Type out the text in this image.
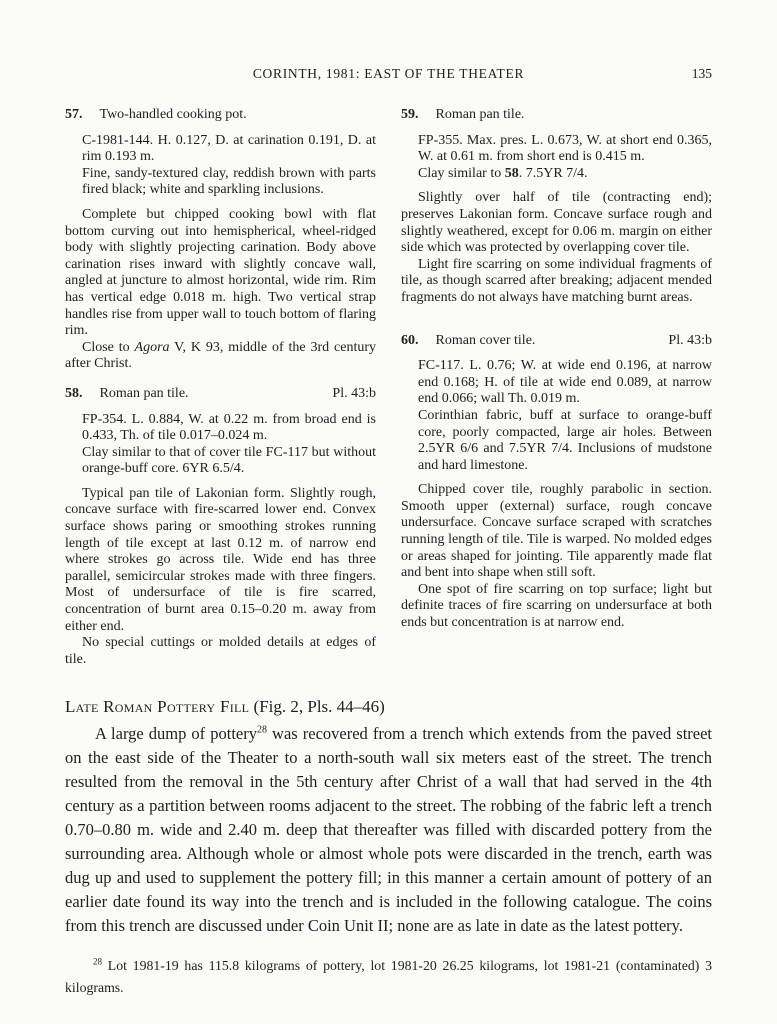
CORINTH, 1981: EAST OF THE THEATER	135
57. Two-handled cooking pot.

C-1981-144. H. 0.127, D. at carination 0.191, D. at rim 0.193 m.

Fine, sandy-textured clay, reddish brown with parts fired black; white and sparkling inclusions.

Complete but chipped cooking bowl with flat bottom curving out into hemispherical, wheel-ridged body with slightly projecting carination. Body above carination rises inward with slightly concave wall, angled at juncture to almost horizontal, wide rim. Rim has vertical edge 0.018 m. high. Two vertical strap handles rise from upper wall to touch bottom of flaring rim.

Close to Agora V, K 93, middle of the 3rd century after Christ.

58. Roman pan tile.	Pl. 43:b

FP-354. L. 0.884, W. at 0.22 m. from broad end is 0.433, Th. of tile 0.017–0.024 m.

Clay similar to that of cover tile FC-117 but without orange-buff core. 6YR 6.5/4.

Typical pan tile of Lakonian form. Slightly rough, concave surface with fire-scarred lower end. Convex surface shows paring or smoothing strokes running length of tile except at last 0.12 m. of narrow end where strokes go across tile. Wide end has three parallel, semicircular strokes made with three fingers. Most of undersurface of tile is fire scarred, concentration of burnt area 0.15–0.20 m. away from either end.

No special cuttings or molded details at edges of tile.

59. Roman pan tile.

FP-355. Max. pres. L. 0.673, W. at short end 0.365, W. at 0.61 m. from short end is 0.415 m.

Clay similar to 58. 7.5YR 7/4.

Slightly over half of tile (contracting end); preserves Lakonian form. Concave surface rough and slightly weathered, except for 0.06 m. margin on either side which was protected by overlapping cover tile.

Light fire scarring on some individual fragments of tile, as though scarred after breaking; adjacent mended fragments do not always have matching burnt areas.

60. Roman cover tile.	Pl. 43:b

FC-117. L. 0.76; W. at wide end 0.196, at narrow end 0.168; H. of tile at wide end 0.089, at narrow end 0.066; wall Th. 0.019 m.

Corinthian fabric, buff at surface to orange-buff core, poorly compacted, large air holes. Between 2.5YR 6/6 and 7.5YR 7/4. Inclusions of mudstone and hard limestone.

Chipped cover tile, roughly parabolic in section. Smooth upper (external) surface, rough concave undersurface. Concave surface scraped with scratches running length of tile. Tile is warped. No molded edges or areas shaped for jointing. Tile apparently made flat and bent into shape when still soft.

One spot of fire scarring on top surface; light but definite traces of fire scarring on undersurface at both ends but concentration is at narrow end.

Late Roman Pottery Fill (Fig. 2, Pls. 44–46)

A large dump of pottery$^{28}$ was recovered from a trench which extends from the paved street on the east side of the Theater to a north-south wall six meters east of the street. The trench resulted from the removal in the 5th century after Christ of a wall that had served in the 4th century as a partition between rooms adjacent to the street. The robbing of the fabric left a trench 0.70–0.80 m. wide and 2.40 m. deep that thereafter was filled with discarded pottery from the surrounding area. Although whole or almost whole pots were discarded in the trench, earth was dug up and used to supplement the pottery fill; in this manner a certain amount of pottery of an earlier date found its way into the trench and is included in the following catalogue. The coins from this trench are discussed under Coin Unit II; none are as late in date as the latest pottery.

$^{28}$ Lot 1981-19 has 115.8 kilograms of pottery, lot 1981-20 26.25 kilograms, lot 1981-21 (contaminated) 3 kilograms.
